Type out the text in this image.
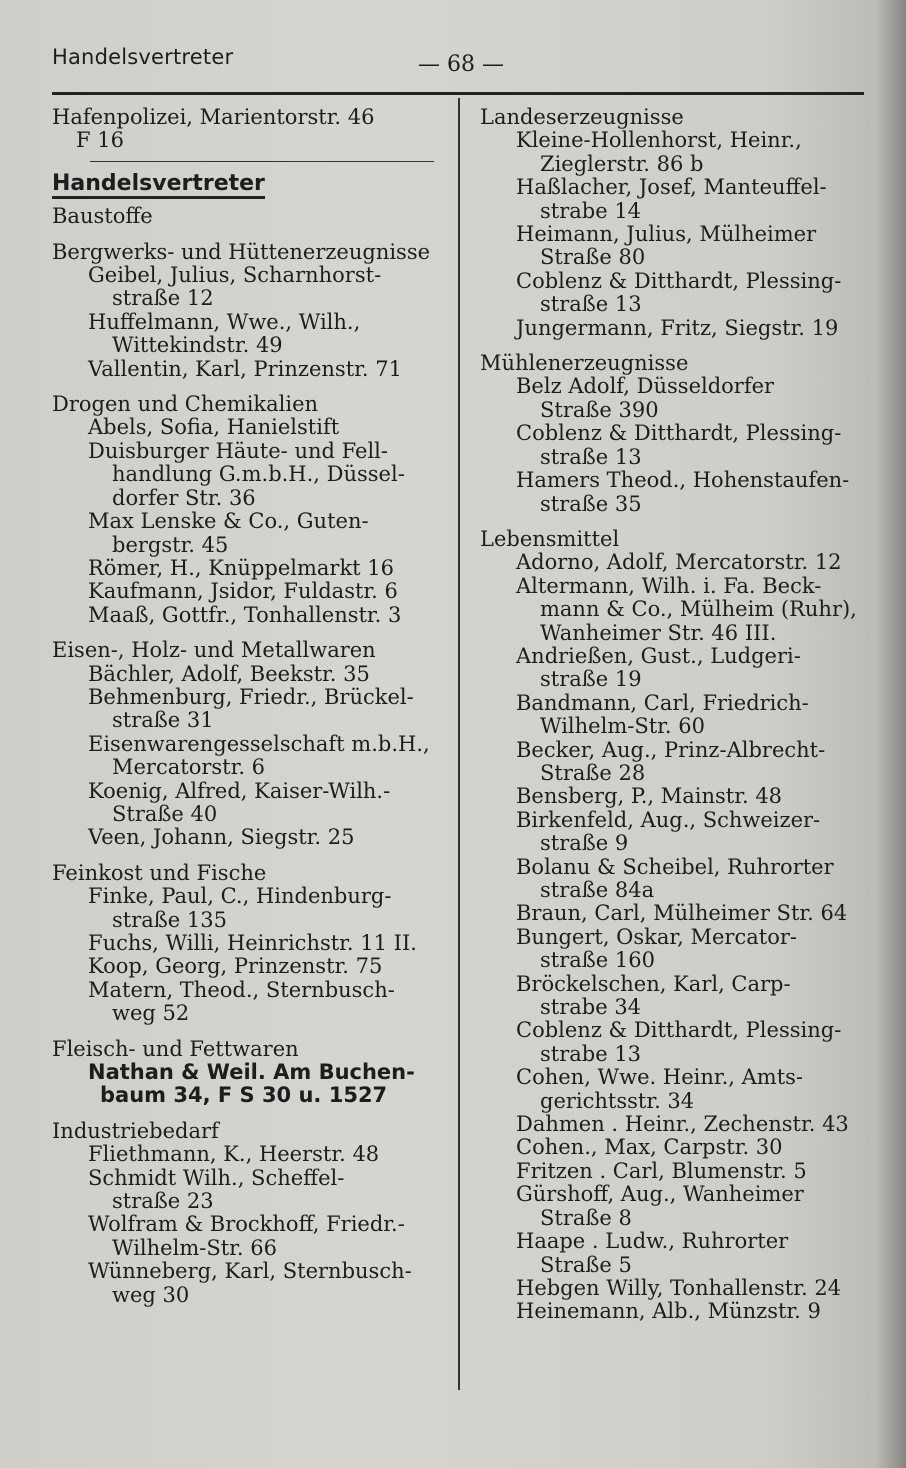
Handelsvertreter	— 68 —
Hafenpolizei, Marientorstr. 46
F 16
Handelsvertreter
Baustoffe
Bergwerks- und Hüttenerzeugnisse
Geibel, Julius, Scharnhorst-
straße 12
Huffelmann, Wwe., Wilh.,
Wittekindstr. 49
Vallentin, Karl, Prinzenstr. 71
Drogen und Chemikalien
Abels, Sofia, Hanielstift
Duisburger Häute- und Fell-
handlung G.m.b.H., Düssel-
dorfer Str. 36
Max Lenske & Co., Guten-
bergstr. 45
Römer, H., Knüppelmarkt 16
Kaufmann, Jsidor, Fuldastr. 6
Maaß, Gottfr., Tonhallenstr. 3
Eisen-, Holz- und Metallwaren
Bächler, Adolf, Beekstr. 35
Behmenburg, Friedr., Brückel-
straße 31
Eisenwarengesselschaft m.b.H.,
Mercatorstr. 6
Koenig, Alfred, Kaiser-Wilh.-
Straße 40
Veen, Johann, Siegstr. 25
Feinkost und Fische
Finke, Paul, C., Hindenburg-
straße 135
Fuchs, Willi, Heinrichstr. 11 II.
Koop, Georg, Prinzenstr. 75
Matern, Theod., Sternbusch-
weg 52
Fleisch- und Fettwaren
Nathan & Weil. Am Buchen-
baum 34, F S 30 u. 1527
Industriebedarf
Fliethmann, K., Heerstr. 48
Schmidt Wilh., Scheffel-
straße 23
Wolfram & Brockhoff, Friedr.-
Wilhelm-Str. 66
Wünneberg, Karl, Sternbusch-
weg 30
Landeserzeugnisse
Kleine-Hollenhorst, Heinr.,
Zieglerstr. 86 b
Haßlacher, Josef, Manteuffel-
strabe 14
Heimann, Julius, Mülheimer
Straße 80
Coblenz & Ditthardt, Plessing-
straße 13
Jungermann, Fritz, Siegstr. 19
Mühlenerzeugnisse
Belz Adolf, Düsseldorfer
Straße 390
Coblenz & Ditthardt, Plessing-
straße 13
Hamers Theod., Hohenstaufen-
straße 35
Lebensmittel
Adorno, Adolf, Mercatorstr. 12
Altermann, Wilh. i. Fa. Beck-
mann & Co., Mülheim (Ruhr),
Wanheimer Str. 46 III.
Andrießen, Gust., Ludgeri-
straße 19
Bandmann, Carl, Friedrich-
Wilhelm-Str. 60
Becker, Aug., Prinz-Albrecht-
Straße 28
Bensberg, P., Mainstr. 48
Birkenfeld, Aug., Schweizer-
straße 9
Bolanu & Scheibel, Ruhrorter
straße 84a
Braun, Carl, Mülheimer Str. 64
Bungert, Oskar, Mercator-
straße 160
Bröckelschen, Karl, Carp-
strabe 34
Coblenz & Ditthardt, Plessing-
strabe 13
Cohen, Wwe. Heinr., Amts-
gerichtsstr. 34
Dahmen . Heinr., Zechenstr. 43
Cohen., Max, Carpstr. 30
Fritzen . Carl, Blumenstr. 5
Gürshoff, Aug., Wanheimer
Straße 8
Haape . Ludw., Ruhrorter
Straße 5
Hebgen Willy, Tonhallenstr. 24
Heinemann, Alb., Münzstr. 9
